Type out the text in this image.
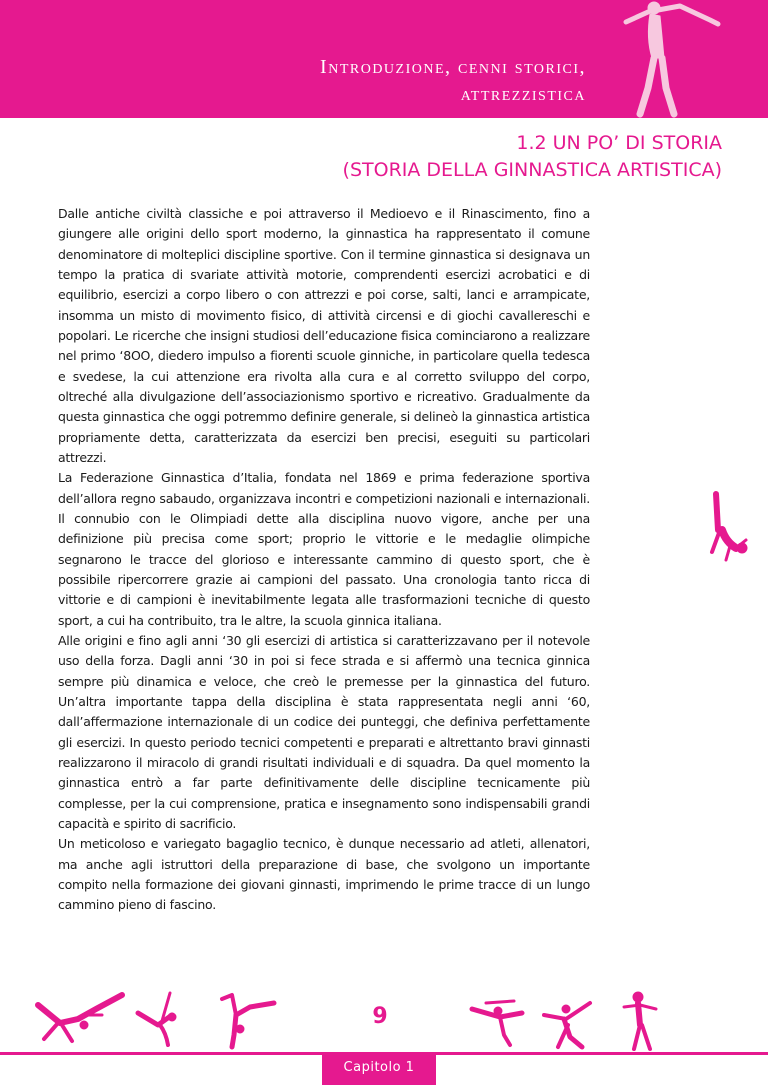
Introduzione, cenni storici,
attrezzistica
1.2 UN PO’ DI STORIA
(STORIA DELLA GINNASTICA ARTISTICA)

Dalle antiche civiltà classiche e poi attraverso il Medioevo e il Rinascimento, fino a giungere alle origini dello sport moderno, la ginnastica ha rappresentato il comune denominatore di molteplici discipline sportive. Con il termine ginnastica si designava un tempo la pratica di svariate attività motorie, comprendenti esercizi acrobatici e di equilibrio, esercizi a corpo libero o con attrezzi e poi corse, salti, lanci e arrampicate, insomma un misto di movimento fisico, di attività circensi e di giochi cavallereschi e popolari. Le ricerche che insigni studiosi dell’educazione fisica cominciarono a realizzare nel primo ‘8OO, diedero impulso a fiorenti scuole ginniche, in particolare quella tedesca e svedese, la cui attenzione era rivolta alla cura e al corretto sviluppo del corpo, oltreché alla divulgazione dell’associazionismo sportivo e ricreativo. Gradualmente da questa ginnastica che oggi potremmo definire generale, si delineò la ginnastica artistica propriamente detta, caratterizzata da esercizi ben precisi, eseguiti su particolari attrezzi.

La Federazione Ginnastica d’Italia, fondata nel 1869 e prima federazione sportiva dell’allora regno sabaudo, organizzava incontri e competizioni nazionali e internazionali. Il connubio con le Olimpiadi dette alla disciplina nuovo vigore, anche per una definizione più precisa come sport; proprio le vittorie e le medaglie olimpiche segnarono le tracce del glorioso e interessante cammino di questo sport, che è possibile ripercorrere grazie ai campioni del passato. Una cronologia tanto ricca di vittorie e di campioni è inevitabilmente legata alle trasformazioni tecniche di questo sport, a cui ha contribuito, tra le altre, la scuola ginnica italiana.

Alle origini e fino agli anni ‘30 gli esercizi di artistica si caratterizzavano per il notevole uso della forza. Dagli anni ‘30 in poi si fece strada e si affermò una tecnica ginnica sempre più dinamica e veloce, che creò le premesse per la ginnastica del futuro. Un’altra importante tappa della disciplina è stata rappresentata negli anni ‘60, dall’affermazione internazionale di un codice dei punteggi, che definiva perfettamente gli esercizi. In questo periodo tecnici competenti e preparati e altrettanto bravi ginnasti realizzarono il miracolo di grandi risultati individuali e di squadra. Da quel momento la ginnastica entrò a far parte definitivamente delle discipline tecnicamente più complesse, per la cui comprensione, pratica e insegnamento sono indispensabili grandi capacità e spirito di sacrificio.

Un meticoloso e variegato bagaglio tecnico, è dunque necessario ad atleti, allenatori, ma anche agli istruttori della preparazione di base, che svolgono un importante compito nella formazione dei giovani ginnasti, imprimendo le prime tracce di un lungo cammino pieno di fascino.

9
Capitolo 1
